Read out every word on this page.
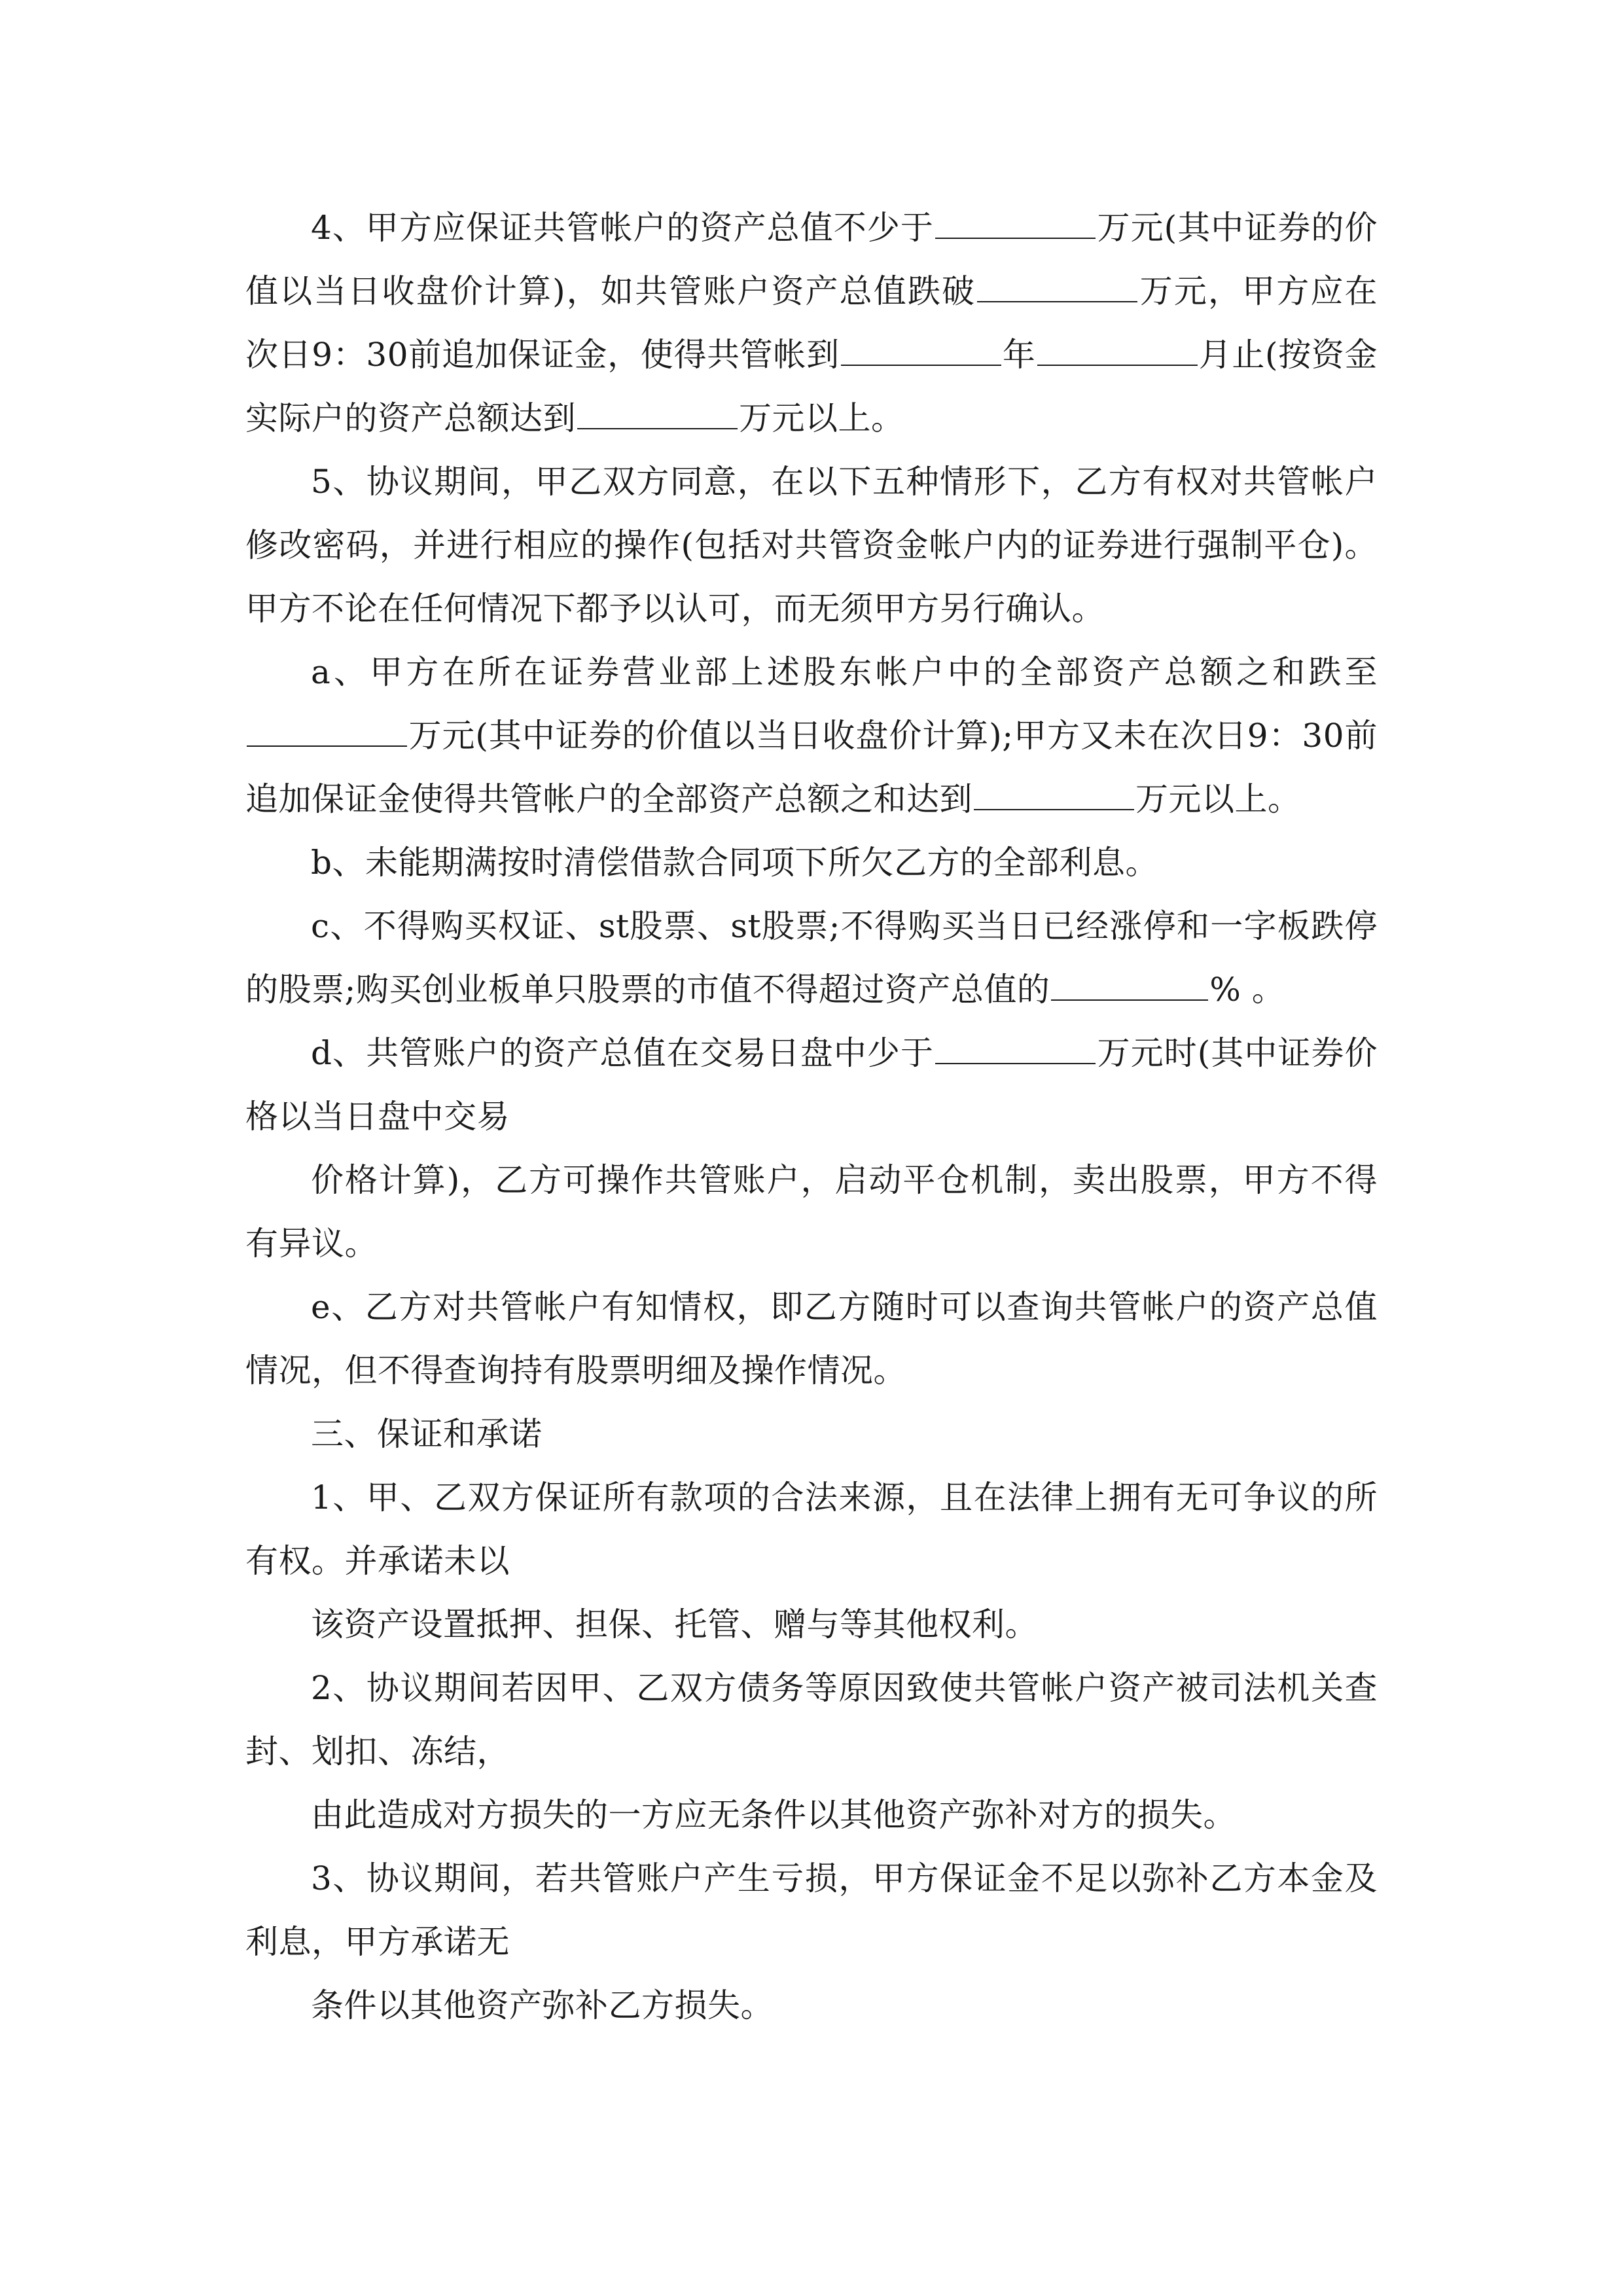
4、甲方应保证共管帐户的资产总值不少于	万元(其中证券的价值以当日收盘价计算)，如共管账户资产总值跌破	万元，甲方应在次日9：30前追加保证金，使得共管帐到	年	月止(按资金实际户的资产总额达到	万元以上。

5、协议期间，甲乙双方同意，在以下五种情形下，乙方有权对共管帐户修改密码，并进行相应的操作(包括对共管资金帐户内的证券进行强制平仓)。甲方不论在任何情况下都予以认可，而无须甲方另行确认。

a、甲方在所在证券营业部上述股东帐户中的全部资产总额之和跌至万元(其中证券的价值以当日收盘价计算);甲方又未在次日9：30前追加保证金使得共管帐户的全部资产总额之和达到	万元以上。

b、未能期满按时清偿借款合同项下所欠乙方的全部利息。

c、不得购买权证、st股票、st股票;不得购买当日已经涨停和一字板跌停的股票;购买创业板单只股票的市值不得超过资产总值的	% 。

d、共管账户的资产总值在交易日盘中少于	万元时(其中证券价格以当日盘中交易

价格计算)，乙方可操作共管账户，启动平仓机制，卖出股票，甲方不得有异议。

e、乙方对共管帐户有知情权，即乙方随时可以查询共管帐户的资产总值情况，但不得查询持有股票明细及操作情况。

三、保证和承诺

1、甲、乙双方保证所有款项的合法来源，且在法律上拥有无可争议的所有权。并承诺未以

该资产设置抵押、担保、托管、赠与等其他权利。

2、协议期间若因甲、乙双方债务等原因致使共管帐户资产被司法机关查封、划扣、冻结，

由此造成对方损失的一方应无条件以其他资产弥补对方的损失。

3、协议期间，若共管账户产生亏损，甲方保证金不足以弥补乙方本金及利息，甲方承诺无

条件以其他资产弥补乙方损失。
